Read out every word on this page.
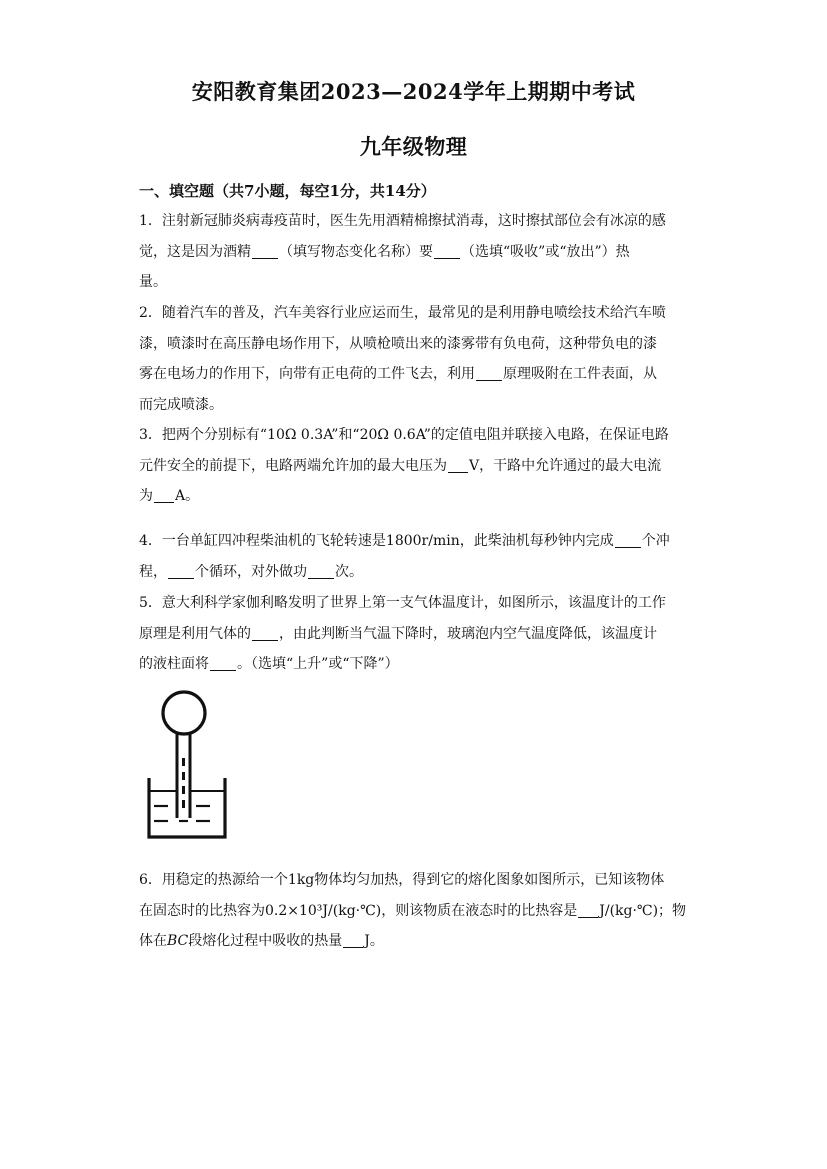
安阳教育集团2023—2024学年上期期中考试
九年级物理
一、填空题（共7小题，每空1分，共14分）
1．注射新冠肺炎病毒疫苗时，医生先用酒精棉擦拭消毒，这时擦拭部位会有冰凉的感
觉，这是因为酒精 （填写物态变化名称）要 （选填“吸收”或“放出”）热
量。
2．随着汽车的普及，汽车美容行业应运而生，最常见的是利用静电喷绘技术给汽车喷
漆，喷漆时在高压静电场作用下，从喷枪喷出来的漆雾带有负电荷，这种带负电的漆
雾在电场力的作用下，向带有正电荷的工件飞去，利用 原理吸附在工件表面，从
而完成喷漆。
3．把两个分别标有“10Ω 0.3A”和“20Ω 0.6A”的定值电阻并联接入电路，在保证电路
元件安全的前提下，电路两端允许加的最大电压为 V，干路中允许通过的最大电流
为 A。
4．一台单缸四冲程柴油机的飞轮转速是1800r/min，此柴油机每秒钟内完成 个冲
程， 个循环，对外做功 次。
5．意大利科学家伽利略发明了世界上第一支气体温度计，如图所示，该温度计的工作
原理是利用气体的 ，由此判断当气温下降时，玻璃泡内空气温度降低，该温度计
的液柱面将 。（选填“上升”或“下降”）
6．用稳定的热源给一个1kg物体均匀加热，得到它的熔化图象如图所示，已知该物体
在固态时的比热容为0.2×10³J/(kg·℃)，则该物质在液态时的比热容是 J/(kg·℃)；物
体在BC段熔化过程中吸收的热量 J。
